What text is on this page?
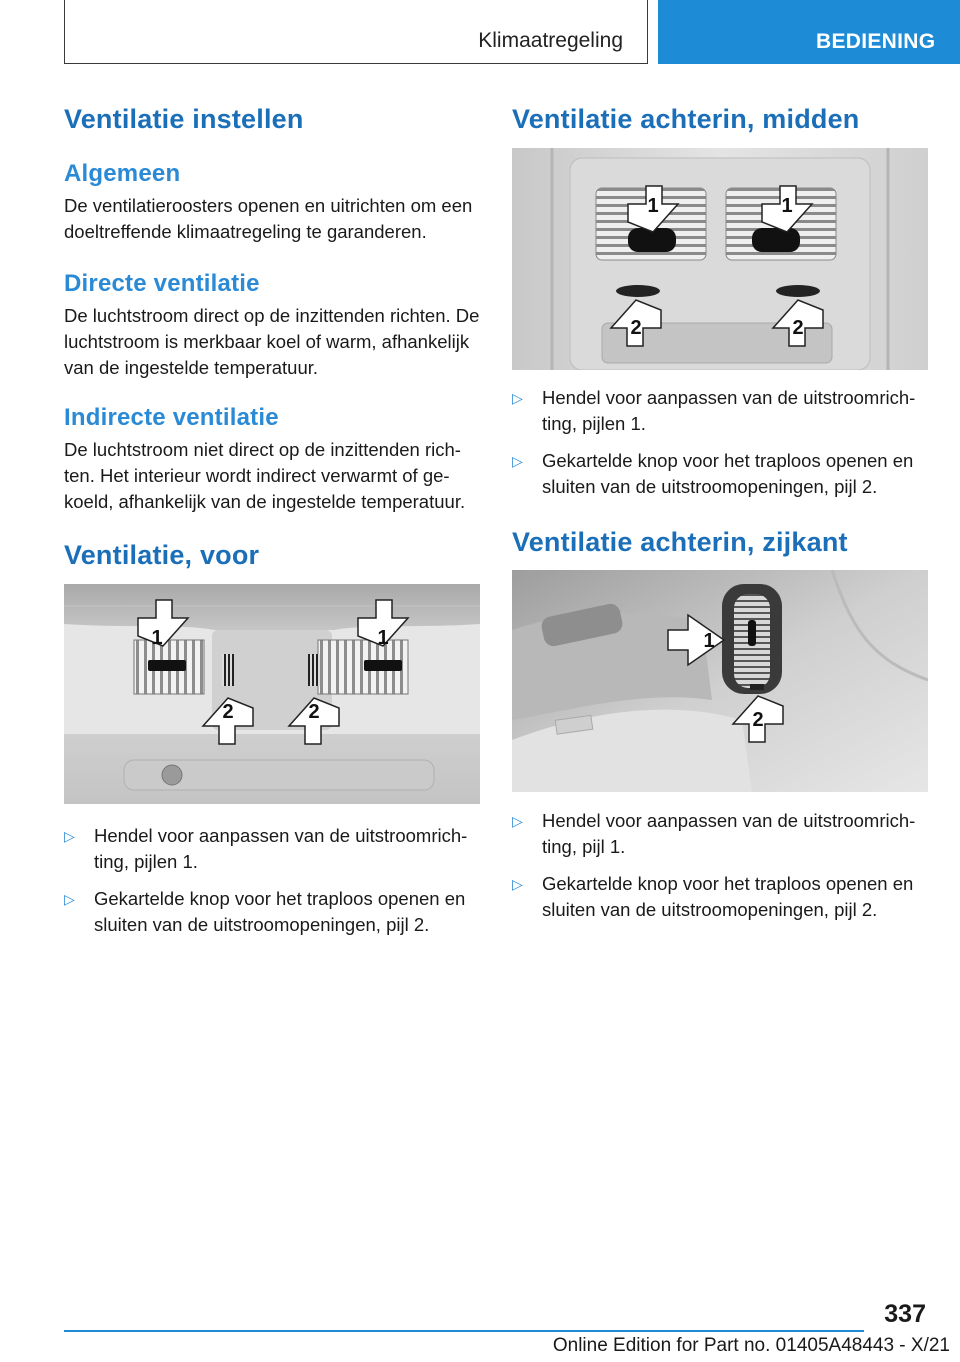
Klimaatregeling	BEDIENING
Ventilatie instellen
Algemeen

De ventilatieroosters openen en uitrichten om een doeltreffende klimaatregeling te garanderen.

Directe ventilatie

De luchtstroom direct op de inzittenden richten. De luchtstroom is merkbaar koel of warm, afhankelijk van de ingestelde temperatuur.

Indirecte ventilatie

De luchtstroom niet direct op de inzittenden richten. Het interieur wordt indirect verwarmt of gekoeld, afhankelijk van de ingestelde temperatuur.

Ventilatie, voor
1	1
2	2
▷ Hendel voor aanpassen van de uitstroomrichting, pijlen 1.
▷ Gekartelde knop voor het traploos openen en sluiten van de uitstroomopeningen, pijl 2.
Ventilatie achterin, midden
1	1
2	2
▷ Hendel voor aanpassen van de uitstroomrichting, pijlen 1.
▷ Gekartelde knop voor het traploos openen en sluiten van de uitstroomopeningen, pijl 2.
Ventilatie achterin, zijkant
1
2
▷ Hendel voor aanpassen van de uitstroomrichting, pijl 1.
▷ Gekartelde knop voor het traploos openen en sluiten van de uitstroomopeningen, pijl 2.
337
Online Edition for Part no. 01405A48443 - X/21
